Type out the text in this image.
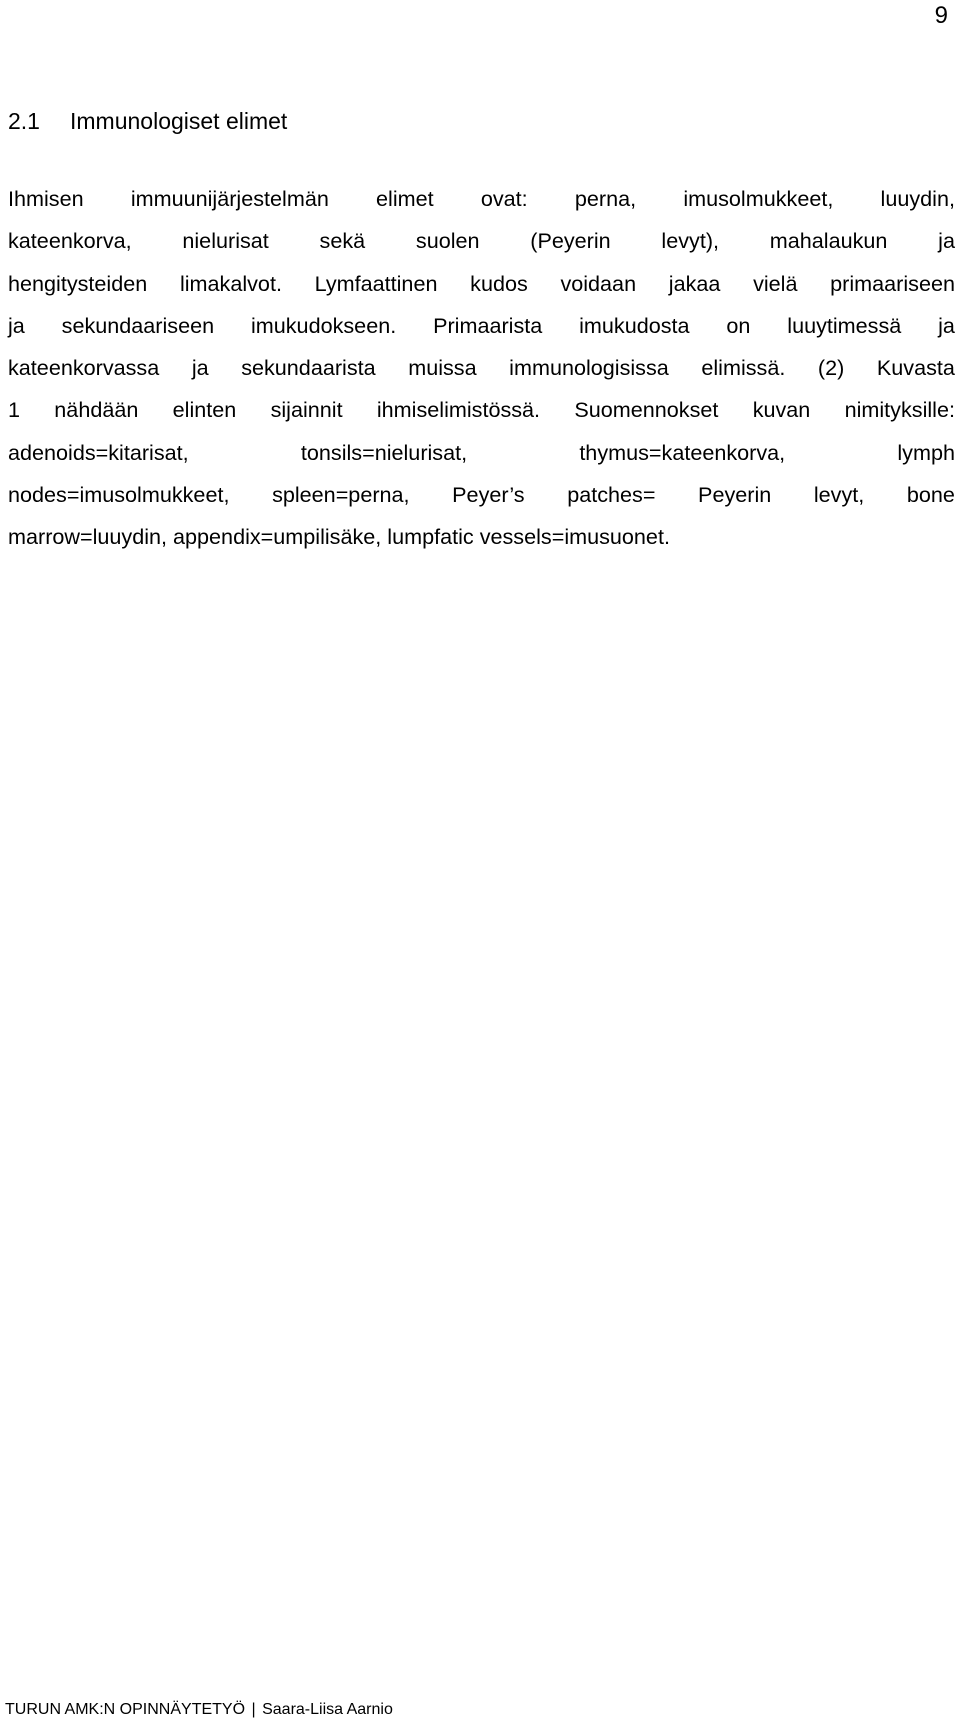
9
2.1 Immunologiset elimet
Ihmisen immuunijärjestelmän elimet ovat: perna, imusolmukkeet, luuydin,
kateenkorva, nielurisat sekä suolen (Peyerin levyt), mahalaukun ja
hengitysteiden limakalvot. Lymfaattinen kudos voidaan jakaa vielä primaariseen
ja sekundaariseen imukudokseen. Primaarista imukudosta on luuytimessä ja
kateenkorvassa ja sekundaarista muissa immunologisissa elimissä. (2) Kuvasta
1 nähdään elinten sijainnit ihmiselimistössä. Suomennokset kuvan nimityksille:
adenoids=kitarisat,	tonsils=nielurisat,	thymus=kateenkorva,	lymph
nodes=imusolmukkeet, spleen=perna, Peyer’s patches= Peyerin levyt, bone
marrow=luuydin, appendix=umpilisäke, lumpfatic vessels=imusuonet.
TURUN AMK:N OPINNÄYTETYÖ | Saara-Liisa Aarnio
